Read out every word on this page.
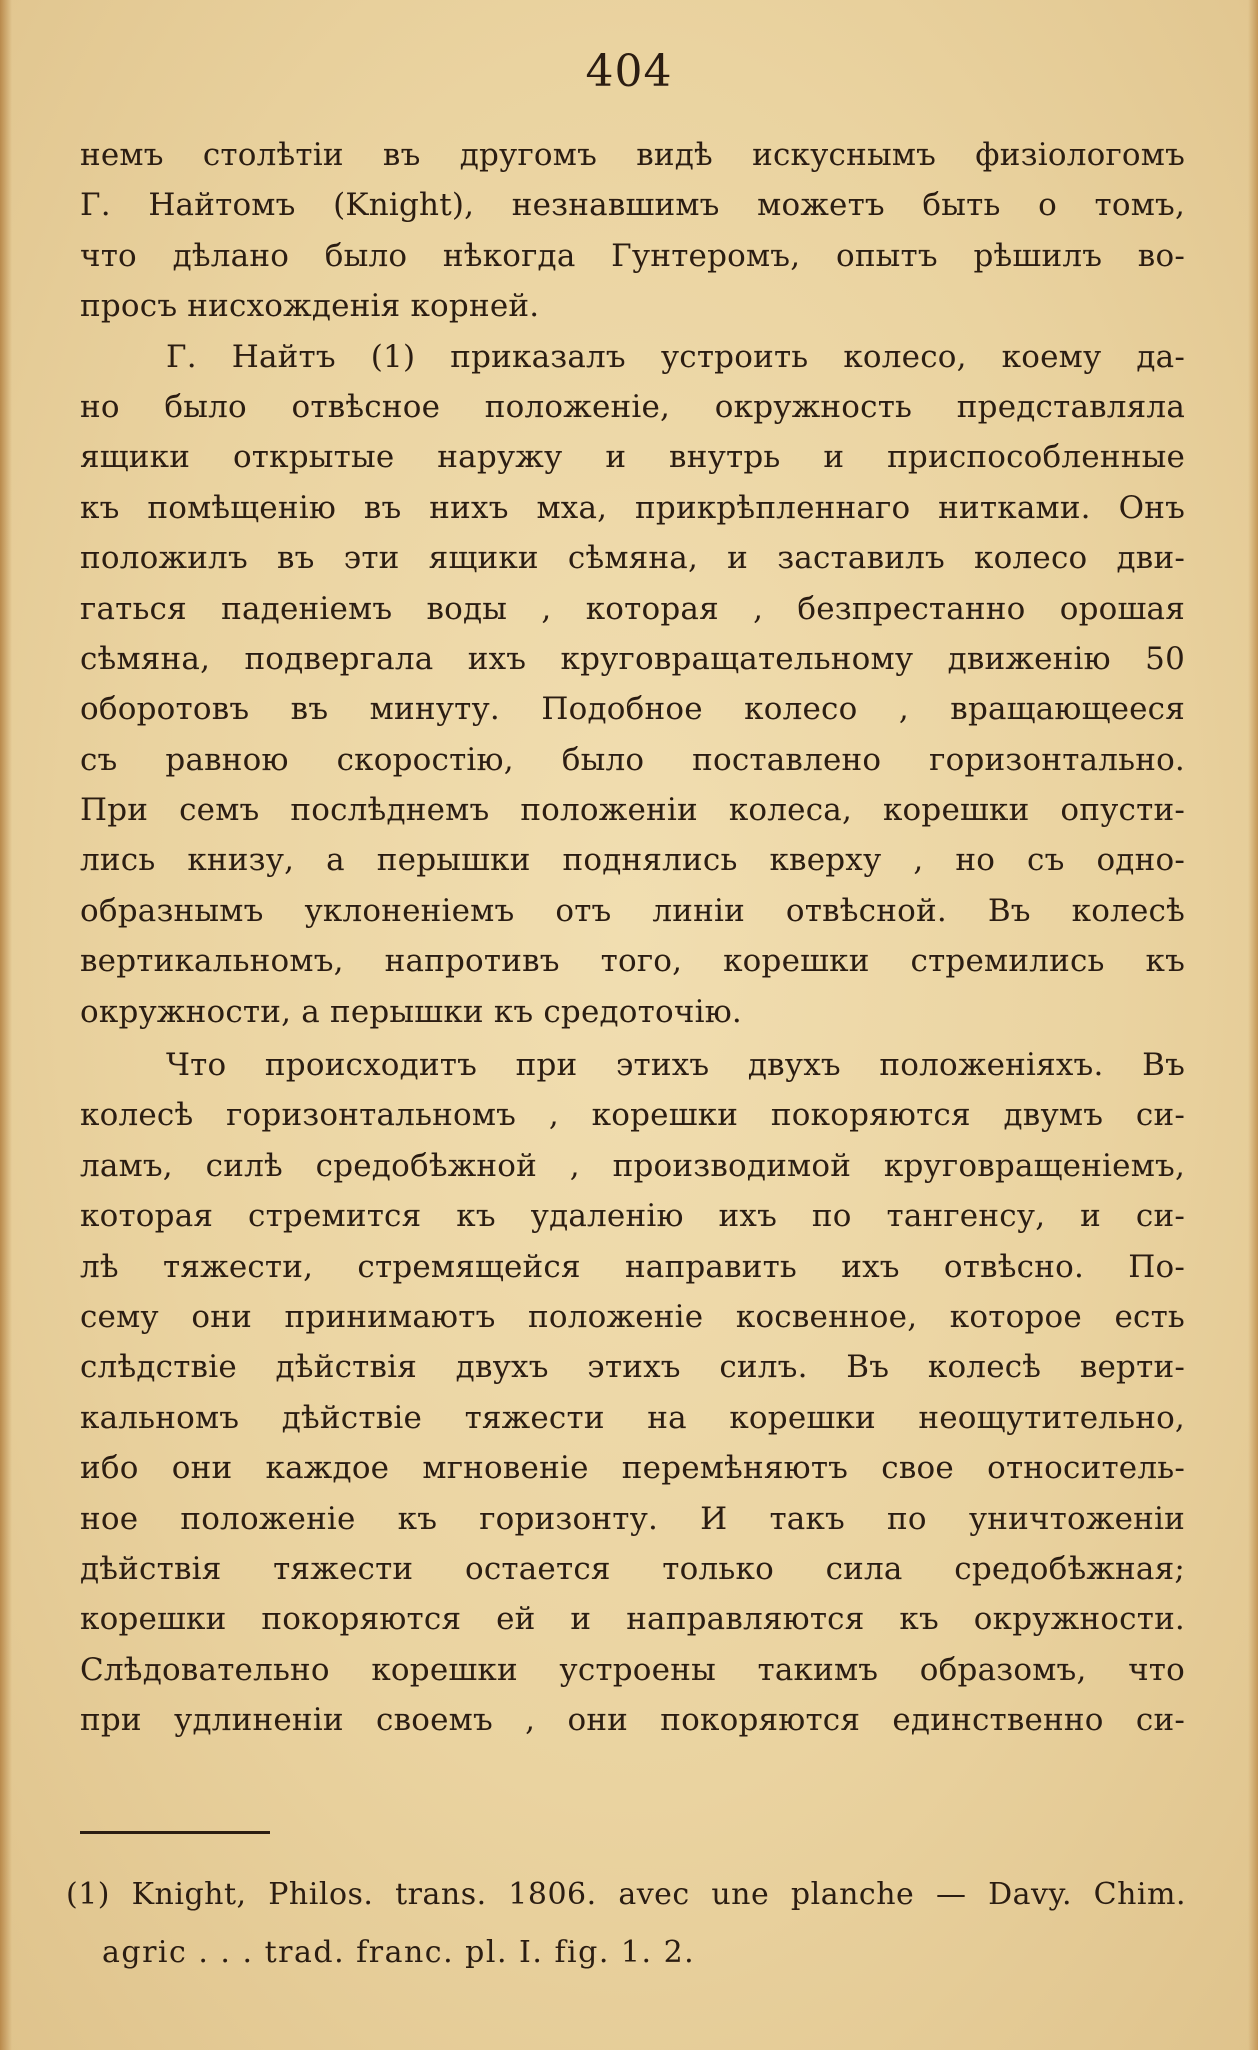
404
немъ столѣтіи въ другомъ видѣ искуснымъ физіологомъ
Г. Найтомъ (Knight), незнавшимъ можетъ быть о томъ,
что дѣлано было нѣкогда Гунтеромъ, опытъ рѣшилъ во-
просъ нисхожденія корней.
Г. Найтъ (1) приказалъ устроить колесо, коему да-
но было отвѣсное положеніе, окружность представляла
ящики открытые наружу и внутрь и приспособленные
къ помѣщенію въ нихъ мха, прикрѣпленнаго нитками. Онъ
положилъ въ эти ящики сѣмяна, и заставилъ колесо дви-
гаться паденіемъ воды , которая , безпрестанно орошая
сѣмяна, подвергала ихъ круговращательному движенію 50
оборотовъ въ минуту. Подобное колесо , вращающееся
съ равною скоростію, было поставлено горизонтально.
При семъ послѣднемъ положеніи колеса, корешки опусти-
лись книзу, а перышки поднялись кверху , но съ одно-
образнымъ уклоненіемъ отъ линіи отвѣсной. Въ колесѣ
вертикальномъ, напротивъ того, корешки стремились къ
окружности, а перышки къ средоточію.
Что происходитъ при этихъ двухъ положеніяхъ. Въ
колесѣ горизонтальномъ , корешки покоряются двумъ си-
ламъ, силѣ средобѣжной , производимой круговращеніемъ,
которая стремится къ удаленію ихъ по тангенсу, и си-
лѣ тяжести, стремящейся направить ихъ отвѣсно. По-
сему они принимаютъ положеніе косвенное, которое есть
слѣдствіе дѣйствія двухъ этихъ силъ. Въ колесѣ верти-
кальномъ дѣйствіе тяжести на корешки неощутительно,
ибо они каждое мгновеніе перемѣняютъ свое относитель-
ное положеніе къ горизонту. И такъ по уничтоженіи
дѣйствія тяжести остается только сила средобѣжная;
корешки покоряются ей и направляются къ окружности.
Слѣдовательно корешки устроены такимъ образомъ, что
при удлиненіи своемъ , они покоряются единственно си-
(1) Knight, Philos. trans. 1806. avec une planche — Davy. Chim.
agric . . . trad. franc. pl. I. fig. 1. 2.
